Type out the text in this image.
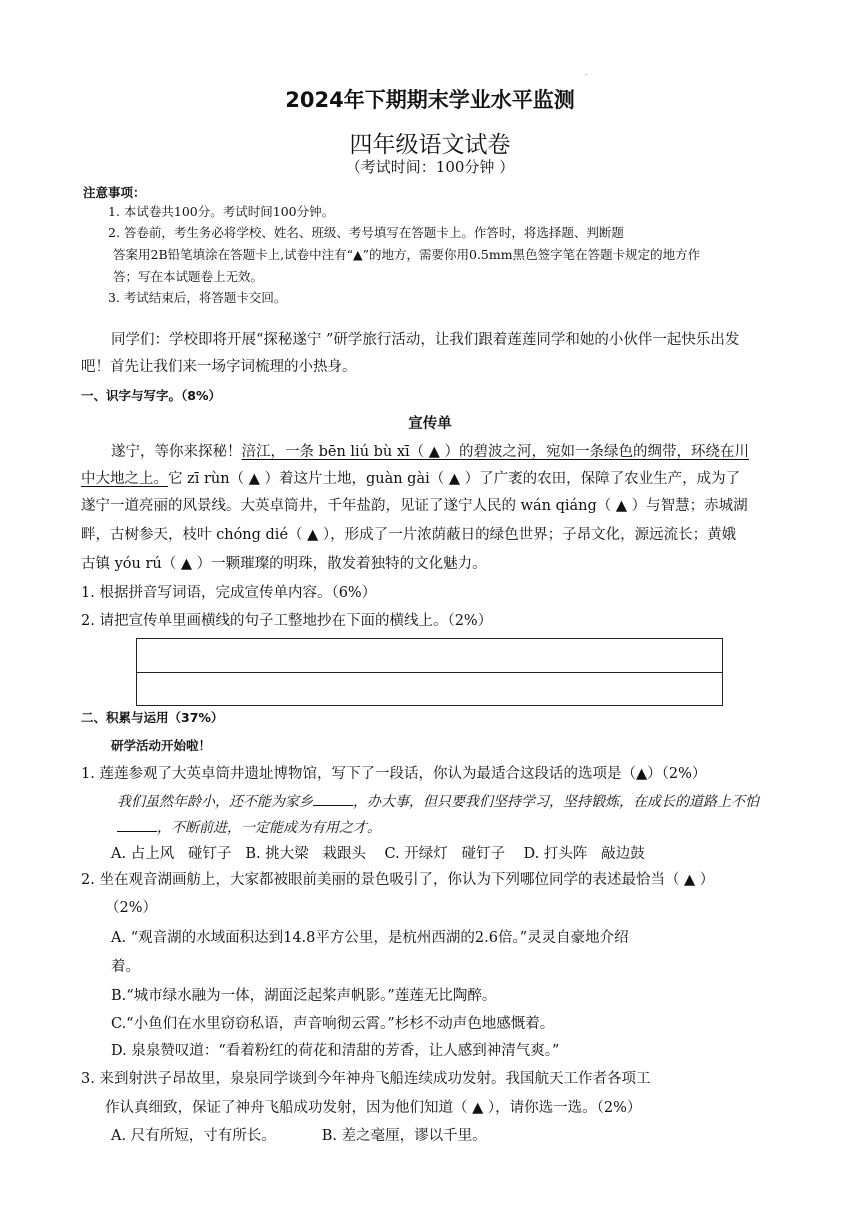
-
2024年下期期末学业水平监测
四年级语文试卷
（考试时间：100分钟 ）
注意事项：
1. 本试卷共100分。考试时间100分钟。
2. 答卷前，考生务必将学校、姓名、班级、考号填写在答题卡上。作答时，将选择题、判断题
答案用2B铅笔填涂在答题卡上,试卷中注有“▲”的地方，需要你用0.5mm黑色签字笔在答题卡规定的地方作
答；写在本试题卷上无效。
3. 考试结束后，将答题卡交回。
同学们：学校即将开展“探秘遂宁 ”研学旅行活动，让我们跟着莲莲同学和她的小伙伴一起快乐出发
吧！首先让我们来一场字词梳理的小热身。
一、识字与写字。（8%）
宣传单
遂宁，等你来探秘！涪江，一条 bēn liú bù xī（ ▲ ）的碧波之河，宛如一条绿色的绸带，环绕在川
中大地之上。它 zī rùn（ ▲ ）着这片土地，guàn gài（ ▲ ）了广袤的农田，保障了农业生产，成为了
遂宁一道亮丽的风景线。大英卓筒井，千年盐韵，见证了遂宁人民的 wán qiáng（ ▲ ）与智慧；赤城湖
畔，古树参天，枝叶 chóng dié（ ▲ ），形成了一片浓荫蔽日的绿色世界；子昂文化，源远流长；黄娥
古镇 yóu rú（ ▲ ）一颗璀璨的明珠，散发着独特的文化魅力。
1. 根据拼音写词语，完成宣传单内容。（6%）
2. 请把宣传单里画横线的句子工整地抄在下面的横线上。（2%）
二、积累与运用（37%）
研学活动开始啦！
1. 莲莲参观了大英卓筒井遗址博物馆，写下了一段话，你认为最适合这段话的选项是（▲）（2%）
我们虽然年龄小，还不能为家乡	，办大事，但只要我们坚持学习，坚持锻炼，在成长的道路上不怕
，不断前进，一定能成为有用之才。
A. 占上风   碰钉子   B. 挑大梁   栽跟头    C. 开绿灯   碰钉子    D. 打头阵   敲边鼓
2. 坐在观音湖画舫上，大家都被眼前美丽的景色吸引了，你认为下列哪位同学的表述最恰当（ ▲ ）
（2%）
A. “观音湖的水域面积达到14.8平方公里，是杭州西湖的2.6倍。”灵灵自豪地介绍
着。
B.“城市绿水融为一体，湖面泛起桨声帆影。”莲莲无比陶醉。
C.“小鱼们在水里窃窃私语，声音响彻云霄。”杉杉不动声色地感慨着。
D. 泉泉赞叹道：“看着粉红的荷花和清甜的芳香，让人感到神清气爽。”
3. 来到射洪子昂故里，泉泉同学谈到今年神舟飞船连续成功发射。我国航天工作者各项工
作认真细致，保证了神舟飞船成功发射，因为他们知道（ ▲ ），请你选一选。（2%）
A. 尺有所短，寸有所长。          B. 差之毫厘，谬以千里。
